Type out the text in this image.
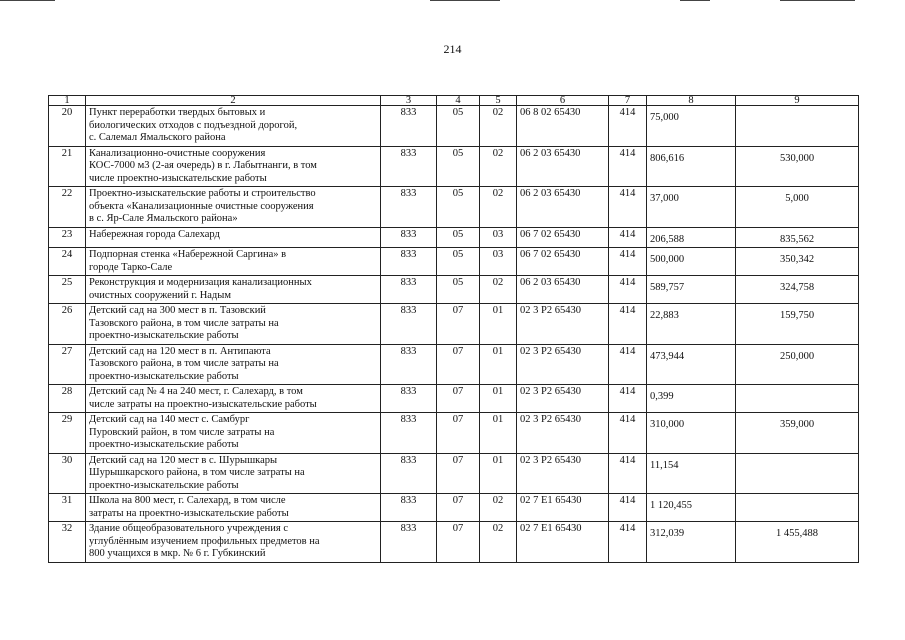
214
1	2	3	4	5	6	7	8	9
20	Пункт переработки твердых бытовых и
биологических отходов с подъездной дорогой,
с. Салемал Ямальского района	833	05	02	06 8 02 65430	414	75,000	
21	Канализационно-очистные сооружения
КОС-7000 м3 (2-ая очередь) в г. Лабытнанги, в том
числе проектно-изыскательские работы	833	05	02	06 2 03 65430	414	806,616	530,000
22	Проектно-изыскательские работы и строительство
объекта «Канализационные очистные сооружения
в с. Яр-Сале Ямальского района»	833	05	02	06 2 03 65430	414	37,000	5,000
23	Набережная города Салехард	833	05	03	06 7 02 65430	414	206,588	835,562
24	Подпорная стенка «Набережной Саргина» в
городе Тарко-Сале	833	05	03	06 7 02 65430	414	500,000	350,342
25	Реконструкция и модернизация канализационных
очистных сооружений г. Надым	833	05	02	06 2 03 65430	414	589,757	324,758
26	Детский сад на 300 мест в п. Тазовский
Тазовского района, в том числе затраты на
проектно-изыскательские работы	833	07	01	02 3 P2 65430	414	22,883	159,750
27	Детский сад на 120 мест в п. Антипаюта
Тазовского района, в том числе затраты на
проектно-изыскательские работы	833	07	01	02 3 P2 65430	414	473,944	250,000
28	Детский сад № 4 на 240 мест, г. Салехард, в том
числе затраты на проектно-изыскательские работы	833	07	01	02 3 P2 65430	414	0,399	
29	Детский сад на 140 мест с. Самбург
Пуровский район, в том числе затраты на
проектно-изыскательские работы	833	07	01	02 3 P2 65430	414	310,000	359,000
30	Детский сад на 120 мест в с. Шурышкары
Шурышкарского района, в том числе затраты на
проектно-изыскательские работы	833	07	01	02 3 P2 65430	414	11,154	
31	Школа на 800 мест, г. Салехард, в том числе
затраты на проектно-изыскательские работы	833	07	02	02 7 E1 65430	414	1 120,455	
32	Здание общеобразовательного учреждения с
углублённым изучением профильных предметов на
800 учащихся в мкр. № 6 г. Губкинский	833	07	02	02 7 E1 65430	414	312,039	1 455,488
